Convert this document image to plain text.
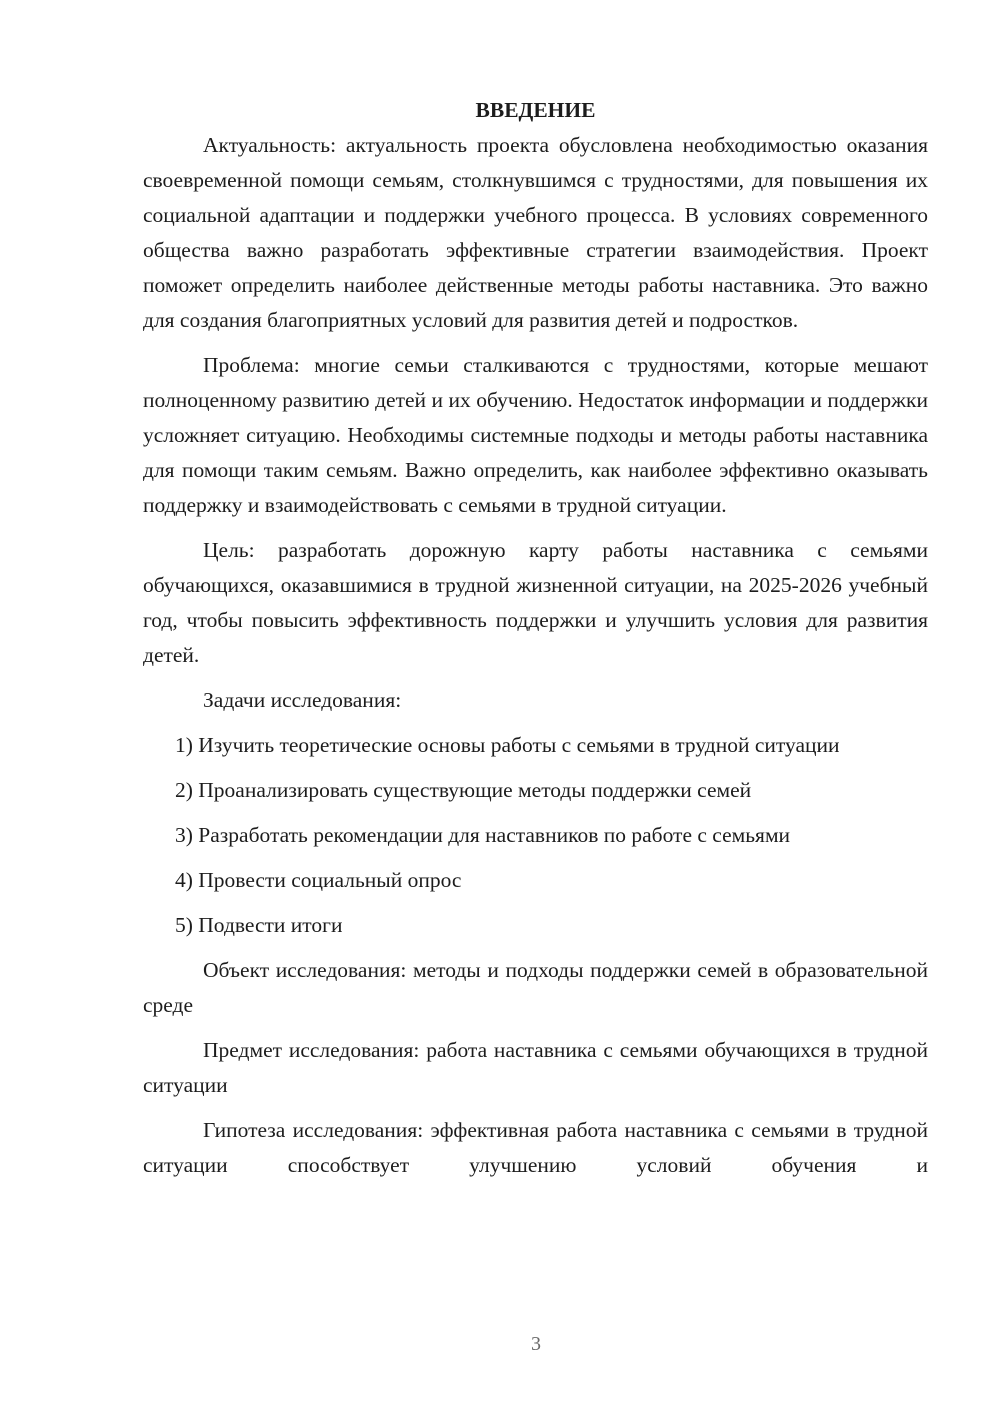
ВВЕДЕНИЕ

Актуальность: актуальность проекта обусловлена необходимостью оказания своевременной помощи семьям, столкнувшимся с трудностями, для повышения их социальной адаптации и поддержки учебного процесса. В условиях современного общества важно разработать эффективные стратегии взаимодействия. Проект поможет определить наиболее действенные методы работы наставника. Это важно для создания благоприятных условий для развития детей и подростков.

Проблема: многие семьи сталкиваются с трудностями, которые мешают полноценному развитию детей и их обучению. Недостаток информации и поддержки усложняет ситуацию. Необходимы системные подходы и методы работы наставника для помощи таким семьям. Важно определить, как наиболее эффективно оказывать поддержку и взаимодействовать с семьями в трудной ситуации.

Цель: разработать дорожную карту работы наставника с семьями обучающихся, оказавшимися в трудной жизненной ситуации, на 2025-2026 учебный год, чтобы повысить эффективность поддержки и улучшить условия для развития детей.

Задачи исследования:

1) Изучить теоретические основы работы с семьями в трудной ситуации

2) Проанализировать существующие методы поддержки семей

3) Разработать рекомендации для наставников по работе с семьями

4) Провести социальный опрос

5) Подвести итоги

Объект исследования: методы и подходы поддержки семей в образовательной среде

Предмет исследования: работа наставника с семьями обучающихся в трудной ситуации

Гипотеза исследования: эффективная работа наставника с семьями в трудной ситуации способствует улучшению условий обучения и

3
